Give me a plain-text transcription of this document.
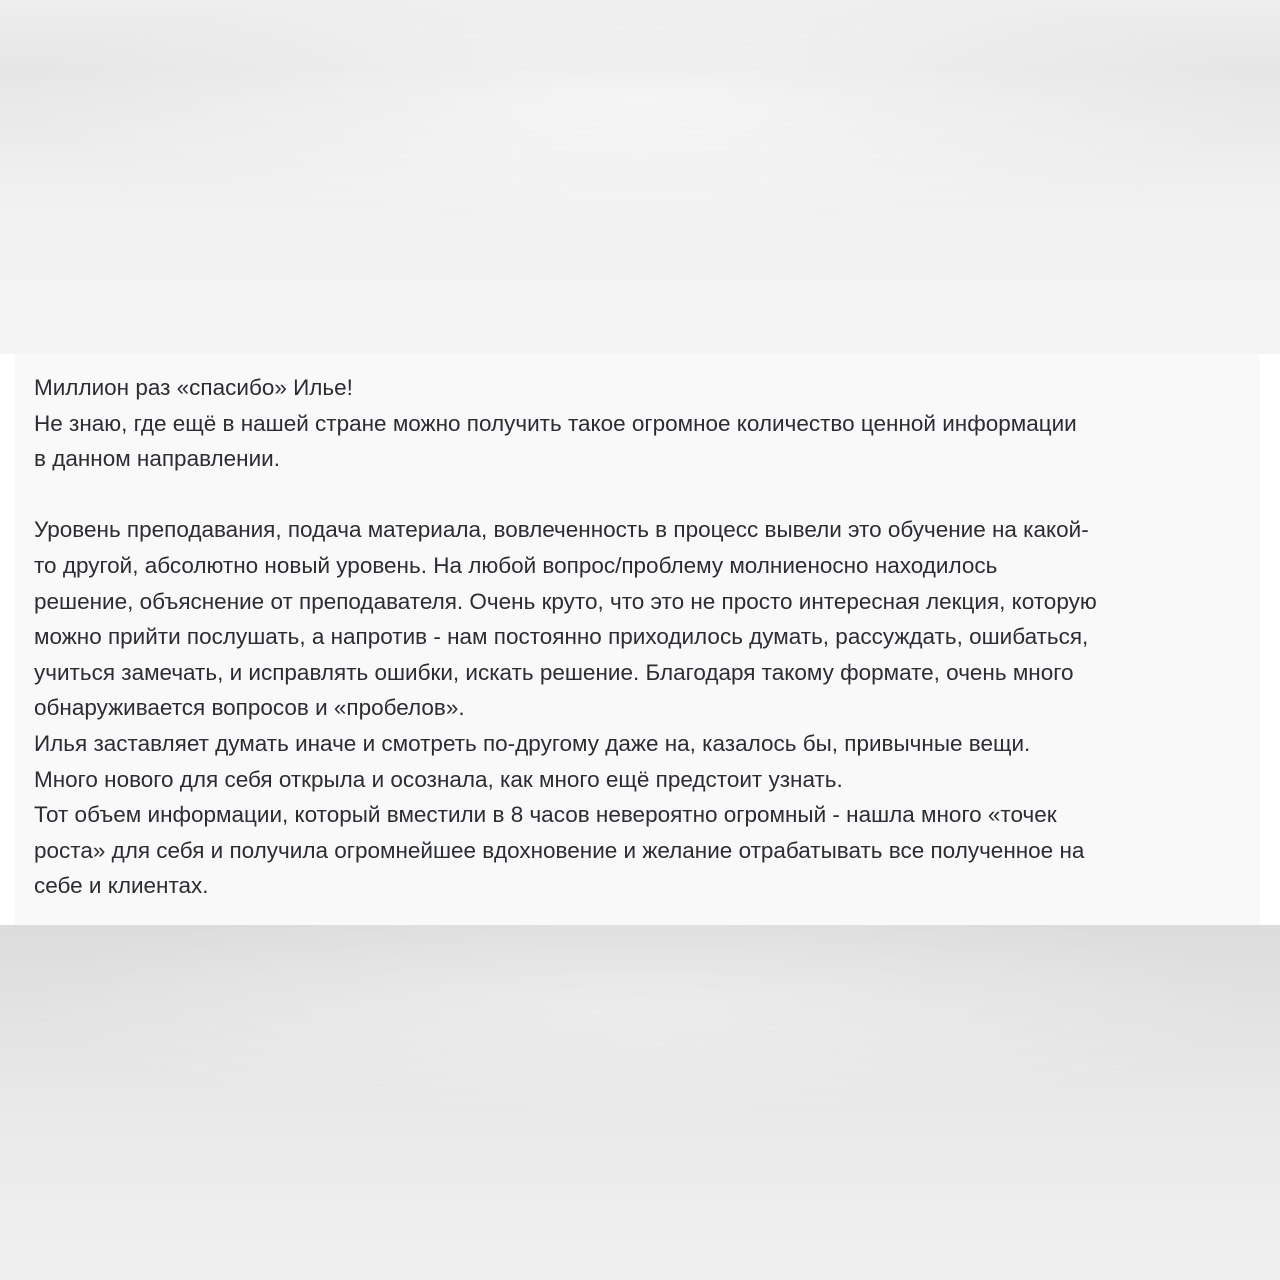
Миллион раз «спасибо» Илье!

Не знаю, где ещё в нашей стране можно получить такое огромное количество ценной информации

в данном направлении.

Уровень преподавания, подача материала, вовлеченность в процесс вывели это обучение на какой-

то другой, абсолютно новый уровень. На любой вопрос/проблему молниеносно находилось

решение, объяснение от преподавателя. Очень круто, что это не просто интересная лекция, которую

можно прийти послушать, а напротив - нам постоянно приходилось думать, рассуждать, ошибаться,

учиться замечать, и исправлять ошибки, искать решение. Благодаря такому формате, очень много

обнаруживается вопросов и «пробелов».

Илья заставляет думать иначе и смотреть по-другому даже на, казалось бы, привычные вещи.

Много нового для себя открыла и осознала, как много ещё предстоит узнать.

Тот объем информации, который вместили в 8 часов невероятно огромный - нашла много «точек

роста» для себя и получила огромнейшее вдохновение и желание отрабатывать все полученное на

себе и клиентах.
